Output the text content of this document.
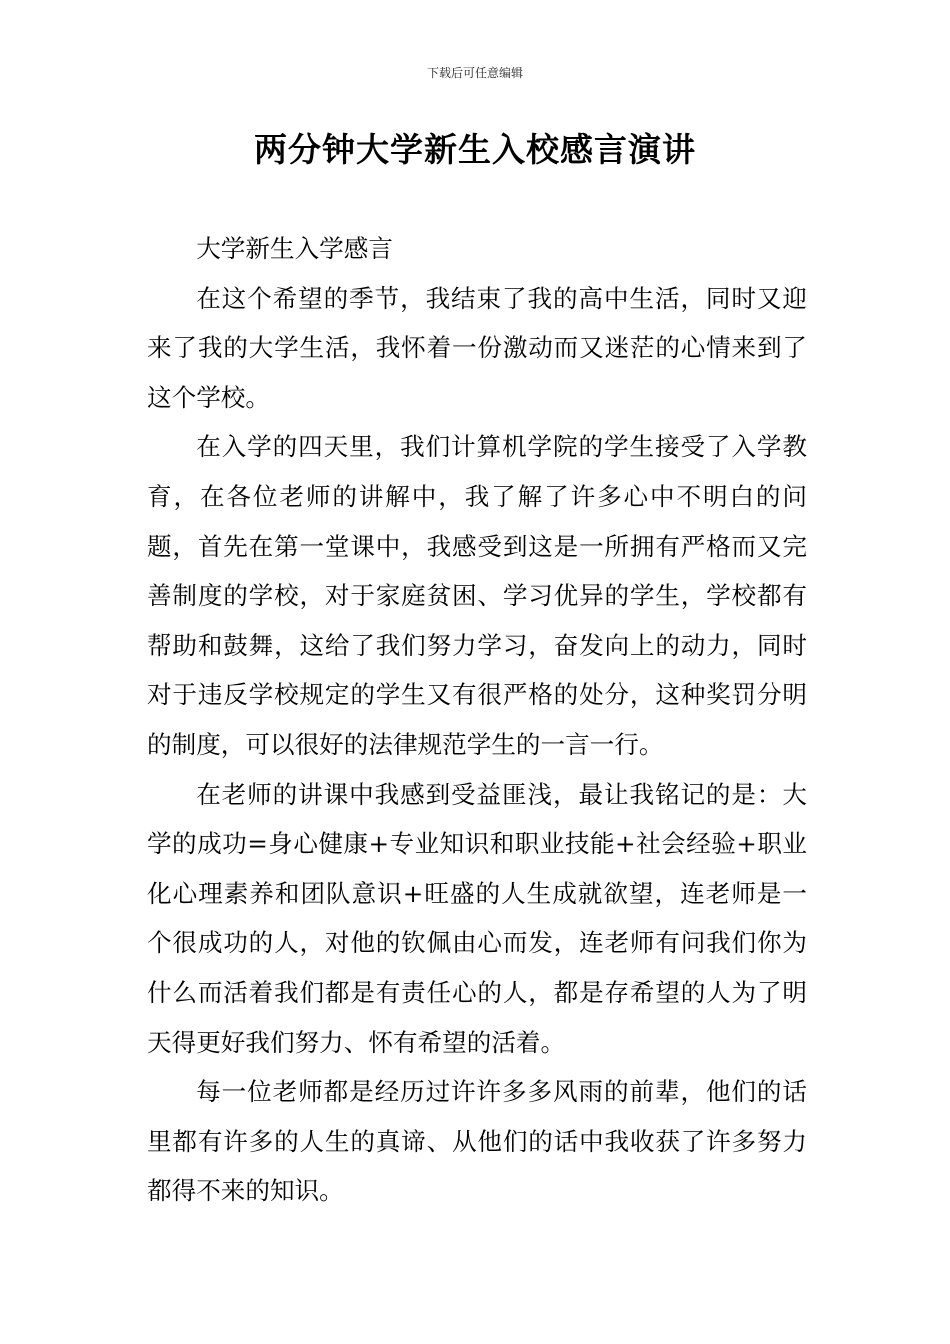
下载后可任意编辑
两分钟大学新生入校感言演讲

大学新生入学感言

在这个希望的季节，我结束了我的高中生活，同时又迎来了我的大学生活，我怀着一份激动而又迷茫的心情来到了这个学校。

在入学的四天里，我们计算机学院的学生接受了入学教育，在各位老师的讲解中，我了解了许多心中不明白的问题，首先在第一堂课中，我感受到这是一所拥有严格而又完善制度的学校，对于家庭贫困、学习优异的学生，学校都有帮助和鼓舞，这给了我们努力学习，奋发向上的动力，同时对于违反学校规定的学生又有很严格的处分，这种奖罚分明的制度，可以很好的法律规范学生的一言一行。

在老师的讲课中我感到受益匪浅，最让我铭记的是：大学的成功=身心健康+专业知识和职业技能+社会经验+职业化心理素养和团队意识+旺盛的人生成就欲望，连老师是一个很成功的人，对他的钦佩由心而发，连老师有问我们你为什么而活着我们都是有责任心的人，都是存希望的人为了明天得更好我们努力、怀有希望的活着。

每一位老师都是经历过许许多多风雨的前辈，他们的话里都有许多的人生的真谛、从他们的话中我收获了许多努力都得不来的知识。
